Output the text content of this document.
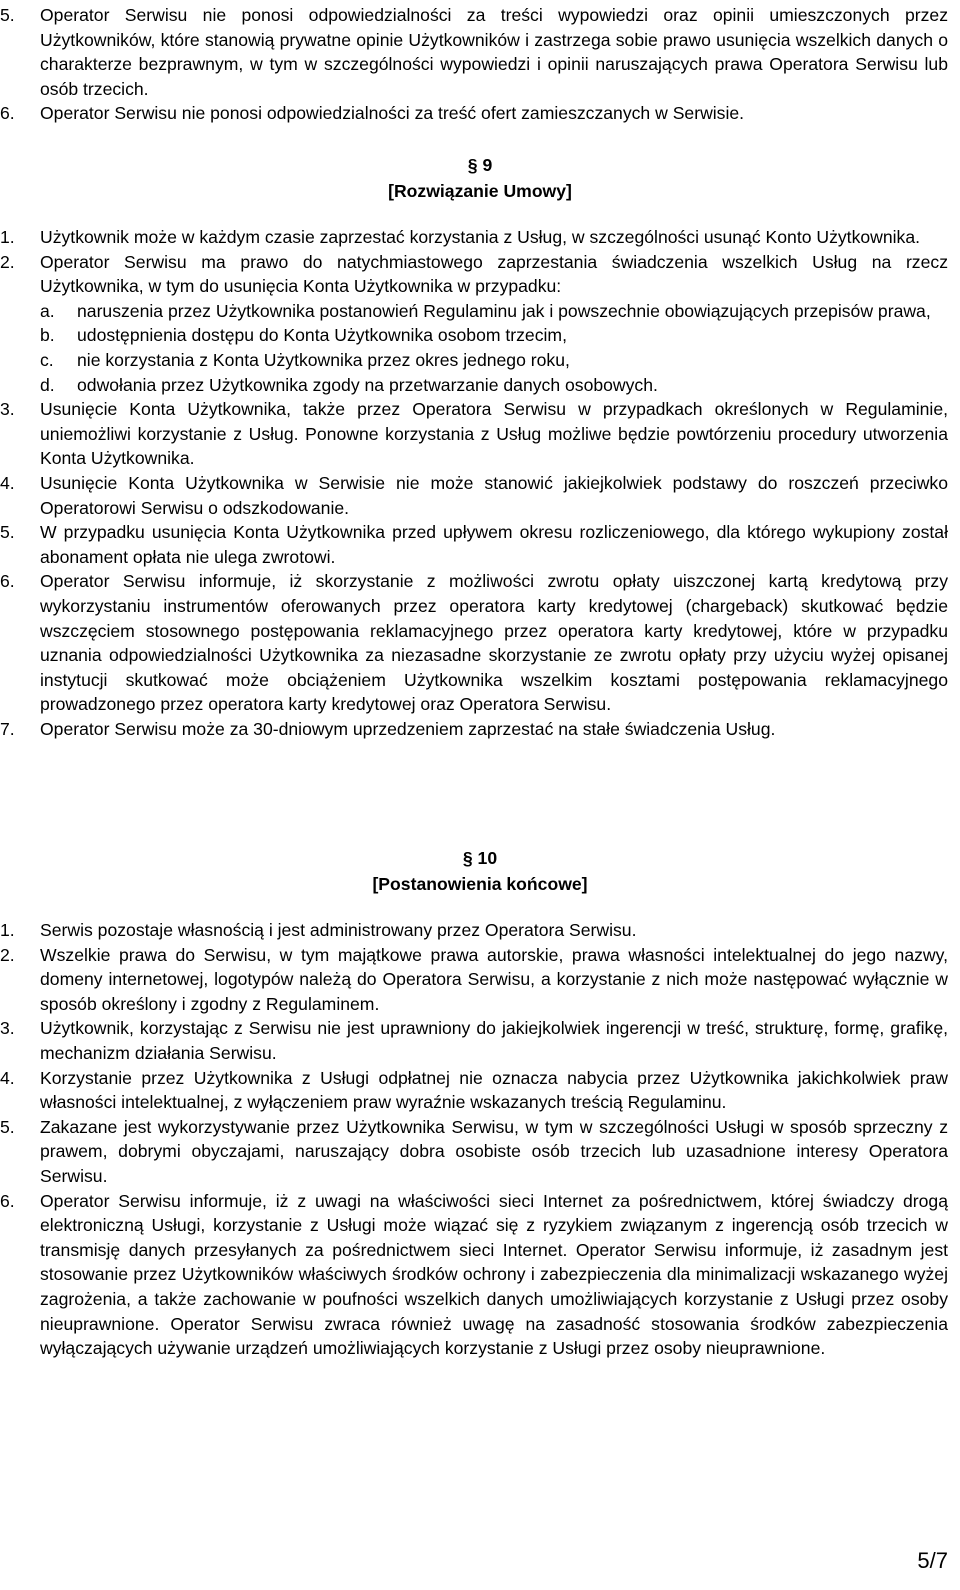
5.	Operator Serwisu nie ponosi odpowiedzialności za treści wypowiedzi oraz opinii umieszczonych przez Użytkowników, które stanowią prywatne opinie Użytkowników i zastrzega sobie prawo usunięcia wszelkich danych o charakterze bezprawnym, w tym w szczególności wypowiedzi i opinii naruszających prawa Operatora Serwisu lub osób trzecich.
6.	Operator Serwisu nie ponosi odpowiedzialności za treść ofert zamieszczanych w Serwisie.
§ 9
[Rozwiązanie Umowy]
1.	Użytkownik może w każdym czasie zaprzestać korzystania z Usług, w szczególności usunąć Konto Użytkownika.
2.	Operator Serwisu ma prawo do natychmiastowego zaprzestania świadczenia wszelkich Usług na rzecz Użytkownika, w tym do usunięcia Konta Użytkownika w przypadku:
a.	naruszenia przez Użytkownika postanowień Regulaminu jak i powszechnie obowiązujących przepisów prawa,
b.	udostępnienia dostępu do Konta Użytkownika osobom trzecim,
c.	nie korzystania z Konta Użytkownika przez okres jednego roku,
d.	odwołania przez Użytkownika zgody na przetwarzanie danych osobowych.
3.	Usunięcie Konta Użytkownika, także przez Operatora Serwisu w przypadkach określonych w Regulaminie, uniemożliwi korzystanie z Usług. Ponowne korzystania z Usług możliwe będzie powtórzeniu procedury utworzenia Konta Użytkownika.
4.	Usunięcie Konta Użytkownika w Serwisie nie może stanowić jakiejkolwiek podstawy do roszczeń przeciwko Operatorowi Serwisu o odszkodowanie.
5.	W przypadku usunięcia Konta Użytkownika przed upływem okresu rozliczeniowego, dla którego wykupiony został abonament opłata nie ulega zwrotowi.
6.	Operator Serwisu informuje, iż skorzystanie z możliwości zwrotu opłaty uiszczonej kartą kredytową przy wykorzystaniu instrumentów oferowanych przez operatora karty kredytowej (chargeback) skutkować będzie wszczęciem stosownego postępowania reklamacyjnego przez operatora karty kredytowej, które w przypadku uznania odpowiedzialności Użytkownika za niezasadne skorzystanie ze zwrotu opłaty przy użyciu wyżej opisanej instytucji skutkować może obciążeniem Użytkownika wszelkim kosztami postępowania reklamacyjnego prowadzonego przez operatora karty kredytowej oraz Operatora Serwisu.
7.	Operator Serwisu może za 30-dniowym uprzedzeniem zaprzestać na stałe świadczenia Usług.
§ 10
[Postanowienia końcowe]
1.	Serwis pozostaje własnością i jest administrowany przez Operatora Serwisu.
2.	Wszelkie prawa do Serwisu, w tym majątkowe prawa autorskie, prawa własności intelektualnej do jego nazwy, domeny internetowej, logotypów należą do Operatora Serwisu, a korzystanie z nich może następować wyłącznie w sposób określony i zgodny z Regulaminem.
3.	Użytkownik, korzystając z Serwisu nie jest uprawniony do jakiejkolwiek ingerencji w treść, strukturę, formę, grafikę, mechanizm działania Serwisu.
4.	Korzystanie przez Użytkownika z Usługi odpłatnej nie oznacza nabycia przez Użytkownika jakichkolwiek praw własności intelektualnej, z wyłączeniem praw wyraźnie wskazanych treścią Regulaminu.
5.	Zakazane jest wykorzystywanie przez Użytkownika Serwisu, w tym w szczególności Usługi w sposób sprzeczny z prawem, dobrymi obyczajami, naruszający dobra osobiste osób trzecich lub uzasadnione interesy Operatora Serwisu.
6.	Operator Serwisu informuje, iż z uwagi na właściwości sieci Internet za pośrednictwem, której świadczy drogą elektroniczną Usługi, korzystanie z Usługi może wiązać się z ryzykiem związanym z ingerencją osób trzecich w transmisję danych przesyłanych za pośrednictwem sieci Internet. Operator Serwisu informuje, iż zasadnym jest stosowanie przez Użytkowników właściwych środków ochrony i zabezpieczenia dla minimalizacji wskazanego wyżej zagrożenia, a także zachowanie w poufności wszelkich danych umożliwiających korzystanie z Usługi przez osoby nieuprawnione. Operator Serwisu zwraca również uwagę na zasadność stosowania środków zabezpieczenia wyłączających używanie urządzeń umożliwiających korzystanie z Usługi przez osoby nieuprawnione.
5/7
